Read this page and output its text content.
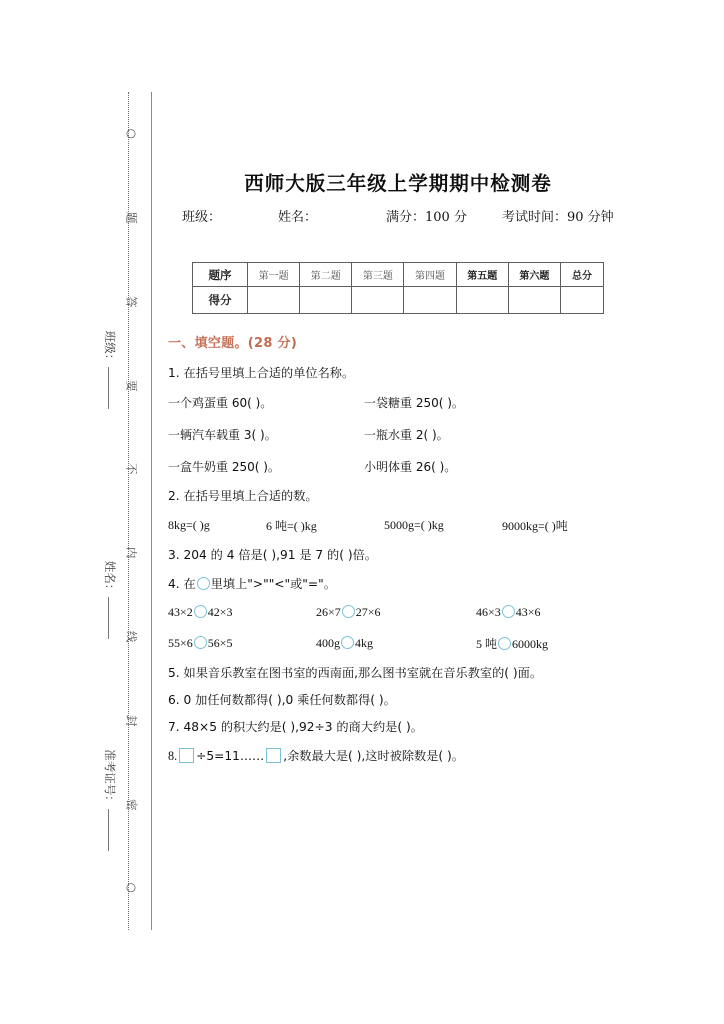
○
题
答
要
不
内
线
封
密
○
班级：
姓名：
准考证号：
西师大版三年级上学期期中检测卷
班级：	姓名：	满分：100 分	考试时间：90 分钟
题序	第一题	第二题	第三题	第四题	第五题	第六题	总分
得分							
一、填空题。(28 分)
1. 在括号里填上合适的单位名称。
一个鸡蛋重 60( )。	一袋糖重 250( )。
一辆汽车载重 3( )。	一瓶水重 2( )。
一盒牛奶重 250( )。	小明体重 26( )。
2. 在括号里填上合适的数。
8kg=( )g	6 吨=( )kg	5000g=( )kg	9000kg=( )吨
3. 204 的 4 倍是( ),91 是 7 的( )倍。
4. 在 里填上">""<"或"="。
43×2 42×3	26×7 27×6	46×3 43×6
55×6 56×5	400g 4kg	5 吨 6000kg
5. 如果音乐教室在图书室的西南面,那么图书室就在音乐教室的( )面。
6. 0 加任何数都得( ),0 乘任何数都得( )。
7. 48×5 的积大约是( ),92÷3 的商大约是( )。
8. ÷5=11…… ,余数最大是( ),这时被除数是( )。
